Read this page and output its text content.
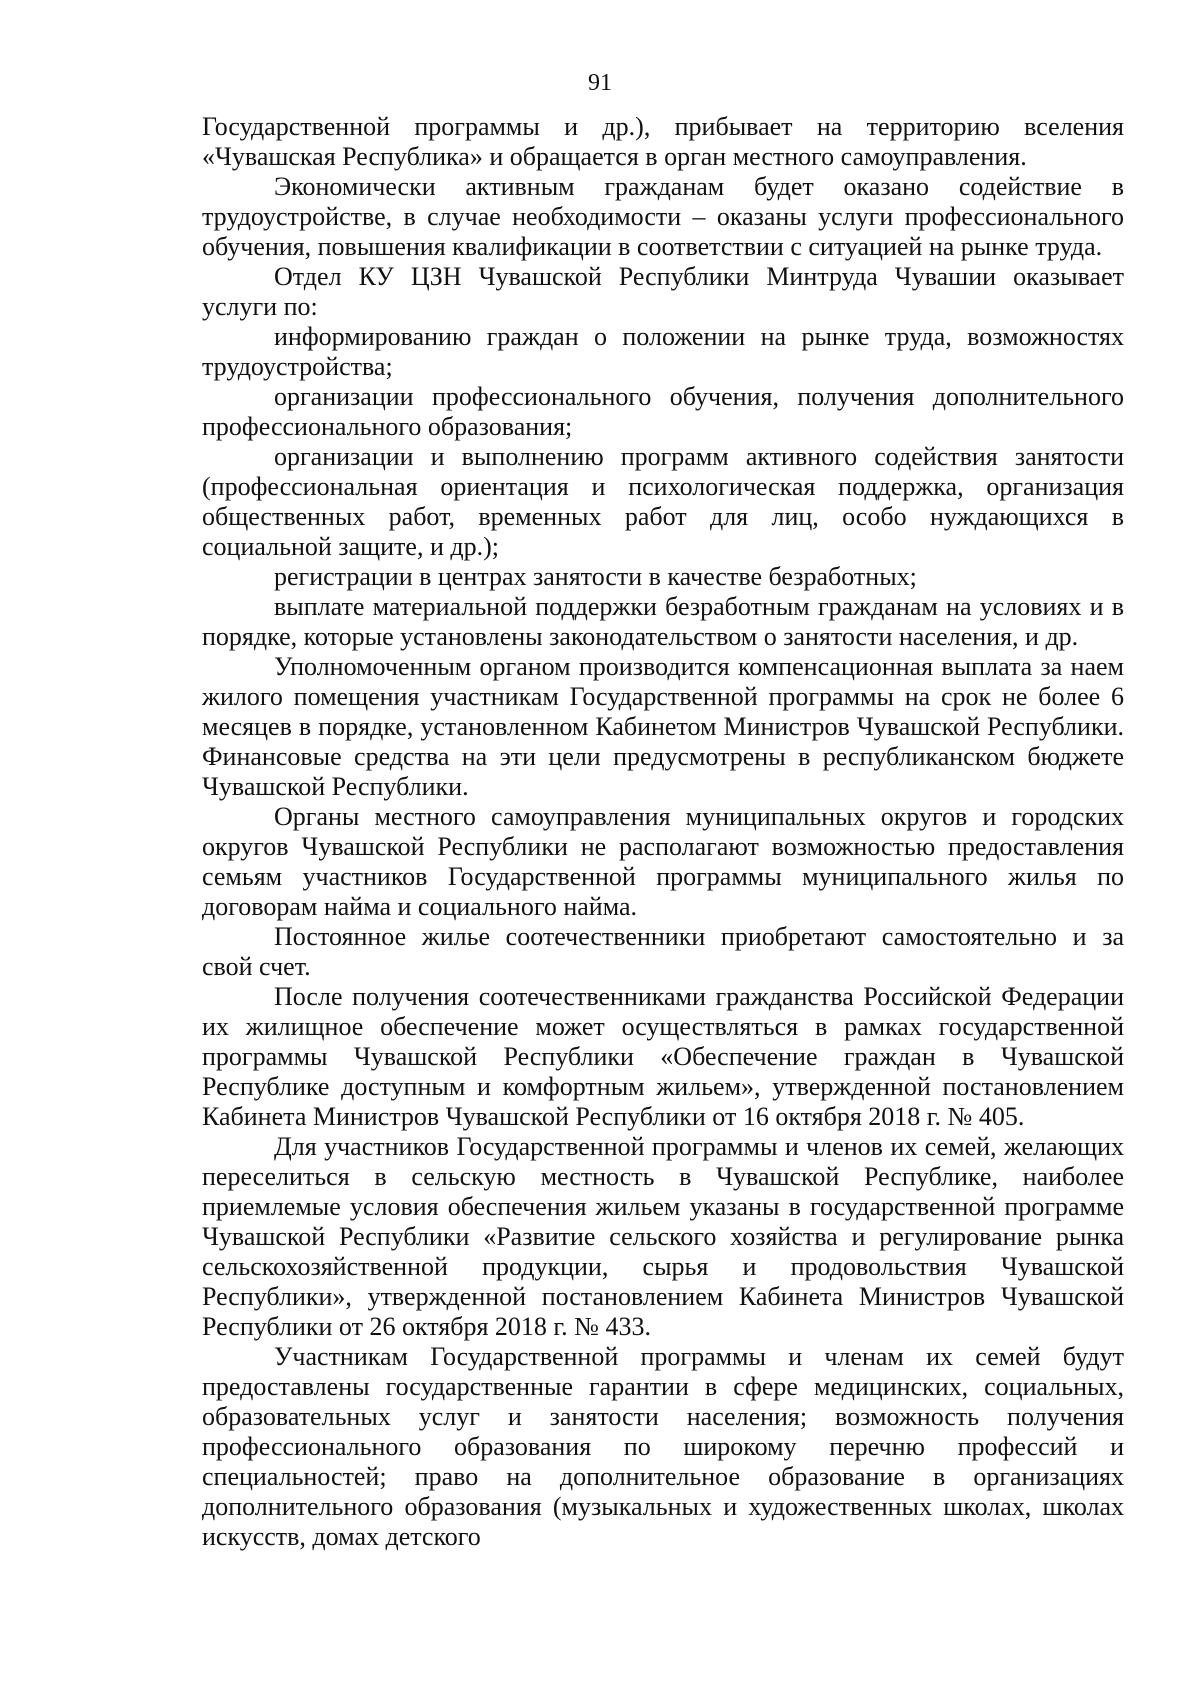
91

Государственной программы и др.), прибывает на территорию вселения «Чувашская Республика» и обращается в орган местного самоуправления.

Экономически активным гражданам будет оказано содействие в трудоустройстве, в случае необходимости – оказаны услуги профессионального обучения, повышения квалификации в соответствии с ситуацией на рынке труда.

Отдел КУ ЦЗН Чувашской Республики Минтруда Чувашии оказывает услуги по:

информированию граждан о положении на рынке труда, возможностях трудоустройства;

организации профессионального обучения, получения дополнительного профессионального образования;

организации и выполнению программ активного содействия занятости (профессиональная ориентация и психологическая поддержка, организация общественных работ, временных работ для лиц, особо нуждающихся в социальной защите, и др.);

регистрации в центрах занятости в качестве безработных;

выплате материальной поддержки безработным гражданам на условиях и в порядке, которые установлены законодательством о занятости населения, и др.

Уполномоченным органом производится компенсационная выплата за наем жилого помещения участникам Государственной программы на срок не более 6 месяцев в порядке, установленном Кабинетом Министров Чувашской Республики. Финансовые средства на эти цели предусмотрены в республиканском бюджете Чувашской Республики.

Органы местного самоуправления муниципальных округов и городских округов Чувашской Республики не располагают возможностью предоставления семьям участников Государственной программы муниципального жилья по договорам найма и социального найма.

Постоянное жилье соотечественники приобретают самостоятельно и за свой счет.

После получения соотечественниками гражданства Российской Федерации их жилищное обеспечение может осуществляться в рамках государственной программы Чувашской Республики «Обеспечение граждан в Чувашской Республике доступным и комфортным жильем», утвержденной постановлением Кабинета Министров Чувашской Республики от 16 октября 2018 г. № 405.

Для участников Государственной программы и членов их семей, желающих переселиться в сельскую местность в Чувашской Республике, наиболее приемлемые условия обеспечения жильем указаны в государственной программе Чувашской Республики «Развитие сельского хозяйства и регулирование рынка сельскохозяйственной продукции, сырья и продовольствия Чувашской Республики», утвержденной постановлением Кабинета Министров Чувашской Республики от 26 октября 2018 г. № 433.

Участникам Государственной программы и членам их семей будут предоставлены государственные гарантии в сфере медицинских, социальных, образовательных услуг и занятости населения; возможность получения профессионального образования по широкому перечню профессий и специальностей; право на дополнительное образование в организациях дополнительного образования (музыкальных и художественных школах, школах искусств, домах детского
